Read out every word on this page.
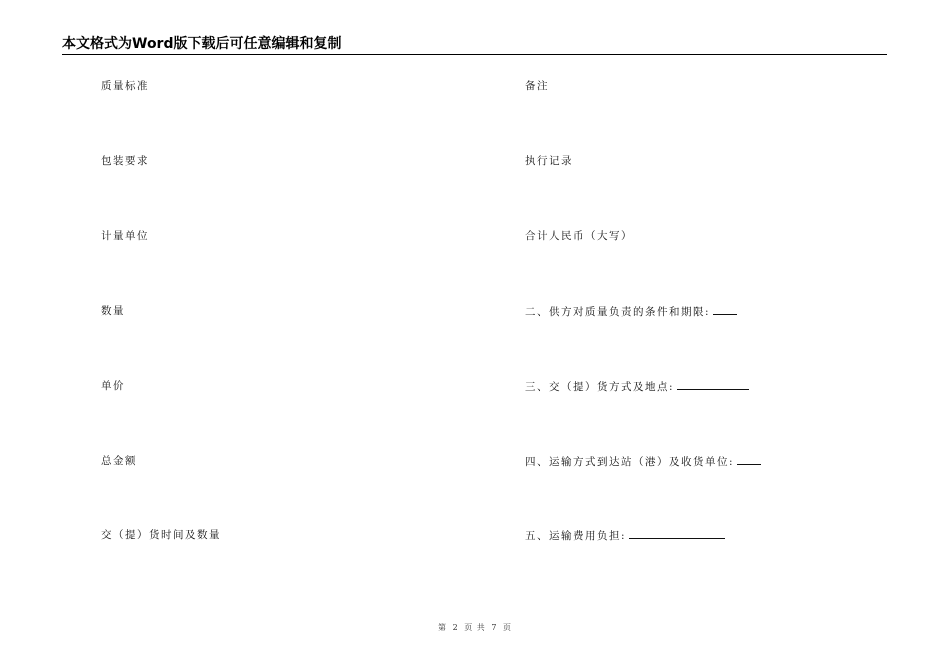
本文格式为Word版下载后可任意编辑和复制
质量标准
包装要求
计量单位
数量
单价
总金额
交（提）货时间及数量
备注
执行记录
合计人民币（大写）
二、供方对质量负责的条件和期限:
三、交（提）货方式及地点:
四、运输方式到达站（港）及收货单位:
五、运输费用负担:
第 2 页 共 7 页
